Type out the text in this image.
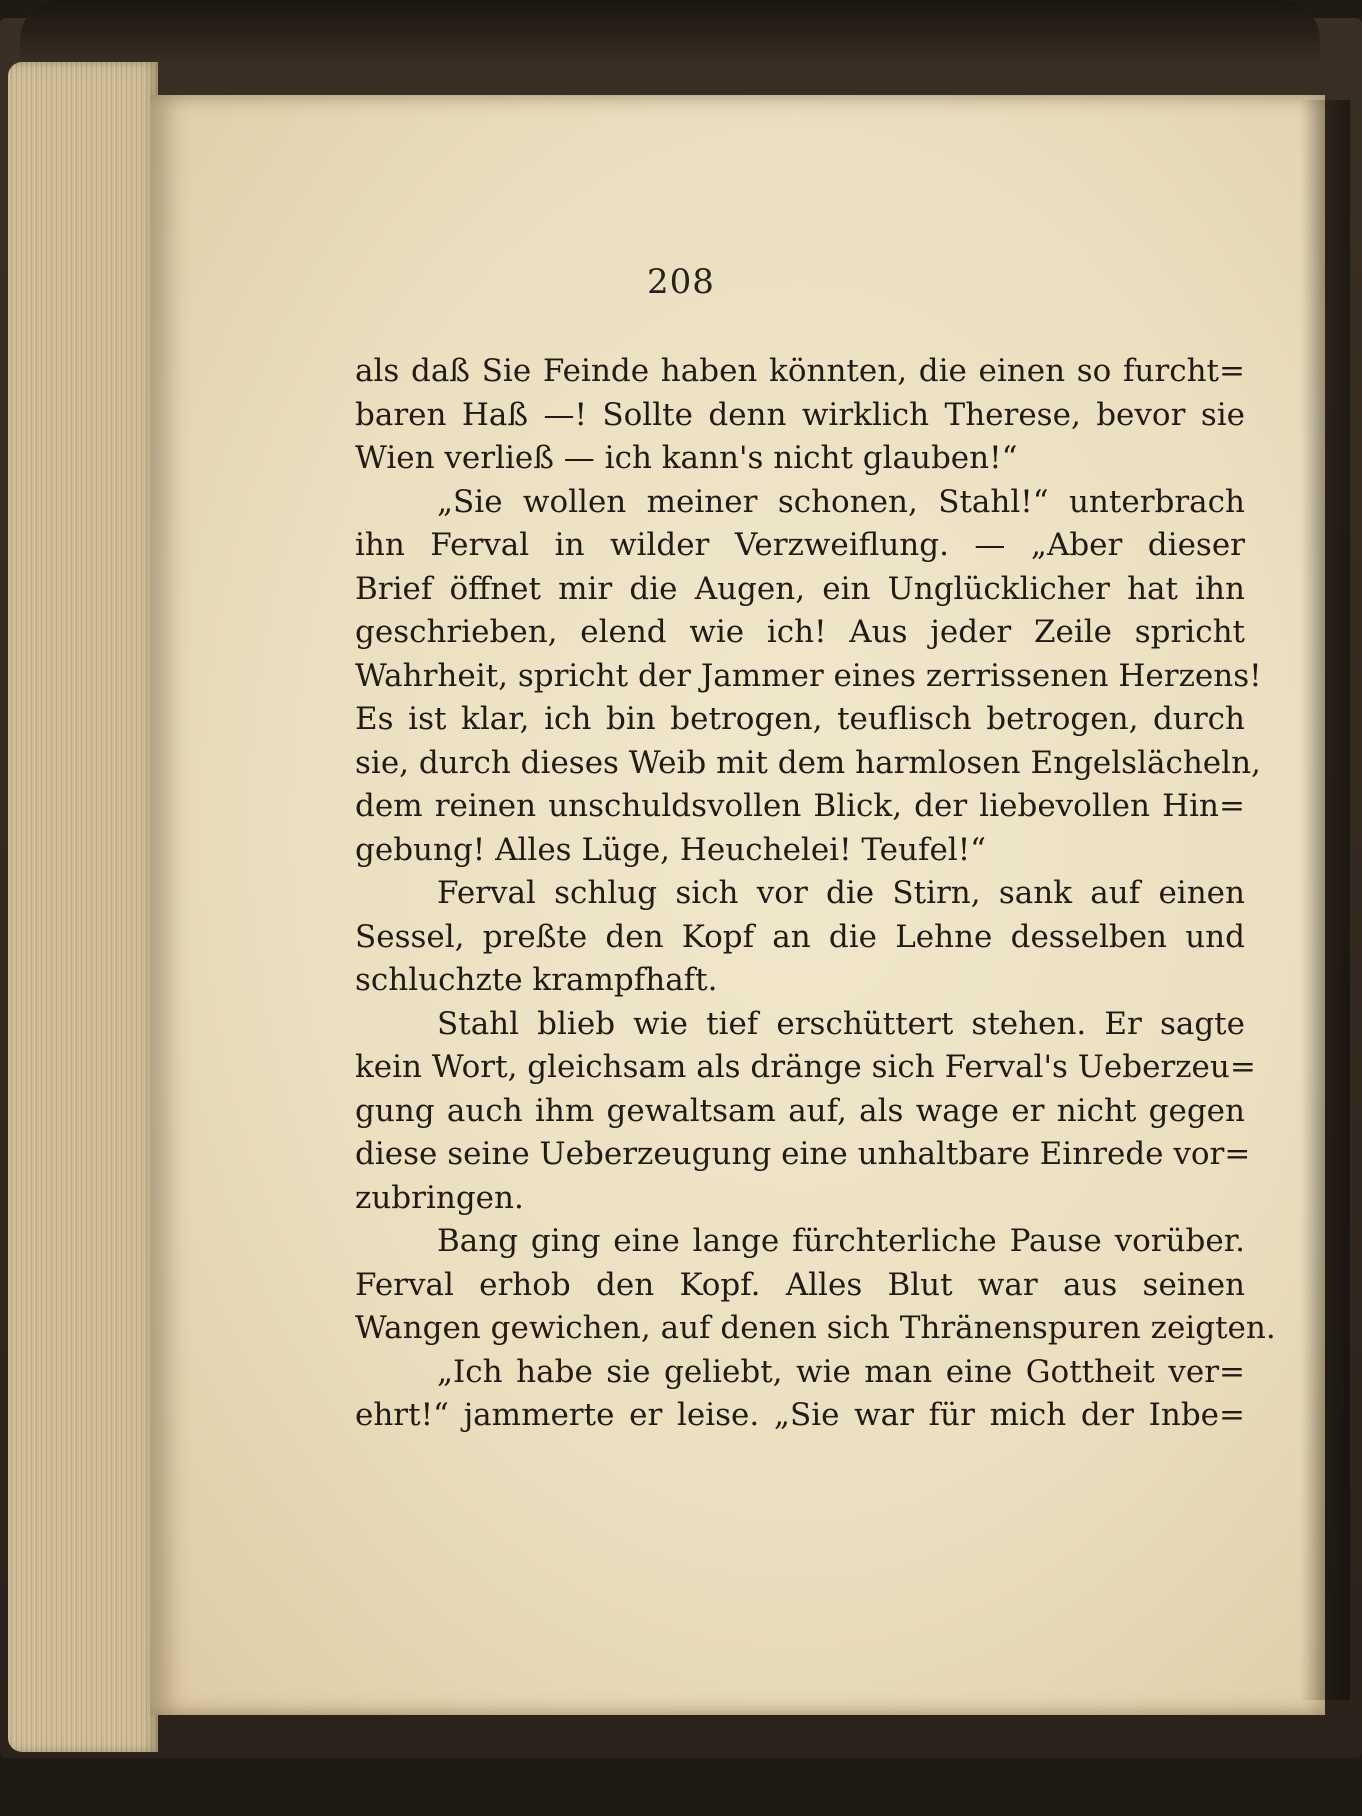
208
als daß Sie Feinde haben könnten, die einen so furcht=
baren Haß —! Sollte denn wirklich Therese, bevor sie
Wien verließ — ich kann's nicht glauben!“
„Sie wollen meiner schonen, Stahl!“ unterbrach
ihn Ferval in wilder Verzweiflung. — „Aber dieser
Brief öffnet mir die Augen, ein Unglücklicher hat ihn
geschrieben, elend wie ich! Aus jeder Zeile spricht
Wahrheit, spricht der Jammer eines zerrissenen Herzens!
Es ist klar, ich bin betrogen, teuflisch betrogen, durch
sie, durch dieses Weib mit dem harmlosen Engelslächeln,
dem reinen unschuldsvollen Blick, der liebevollen Hin=
gebung! Alles Lüge, Heuchelei! Teufel!“
Ferval schlug sich vor die Stirn, sank auf einen
Sessel, preßte den Kopf an die Lehne desselben und
schluchzte krampfhaft.
Stahl blieb wie tief erschüttert stehen. Er sagte
kein Wort, gleichsam als dränge sich Ferval's Ueberzeu=
gung auch ihm gewaltsam auf, als wage er nicht gegen
diese seine Ueberzeugung eine unhaltbare Einrede vor=
zubringen.
Bang ging eine lange fürchterliche Pause vorüber.
Ferval erhob den Kopf. Alles Blut war aus seinen
Wangen gewichen, auf denen sich Thränenspuren zeigten.
„Ich habe sie geliebt, wie man eine Gottheit ver=
ehrt!“ jammerte er leise. „Sie war für mich der Inbe=
